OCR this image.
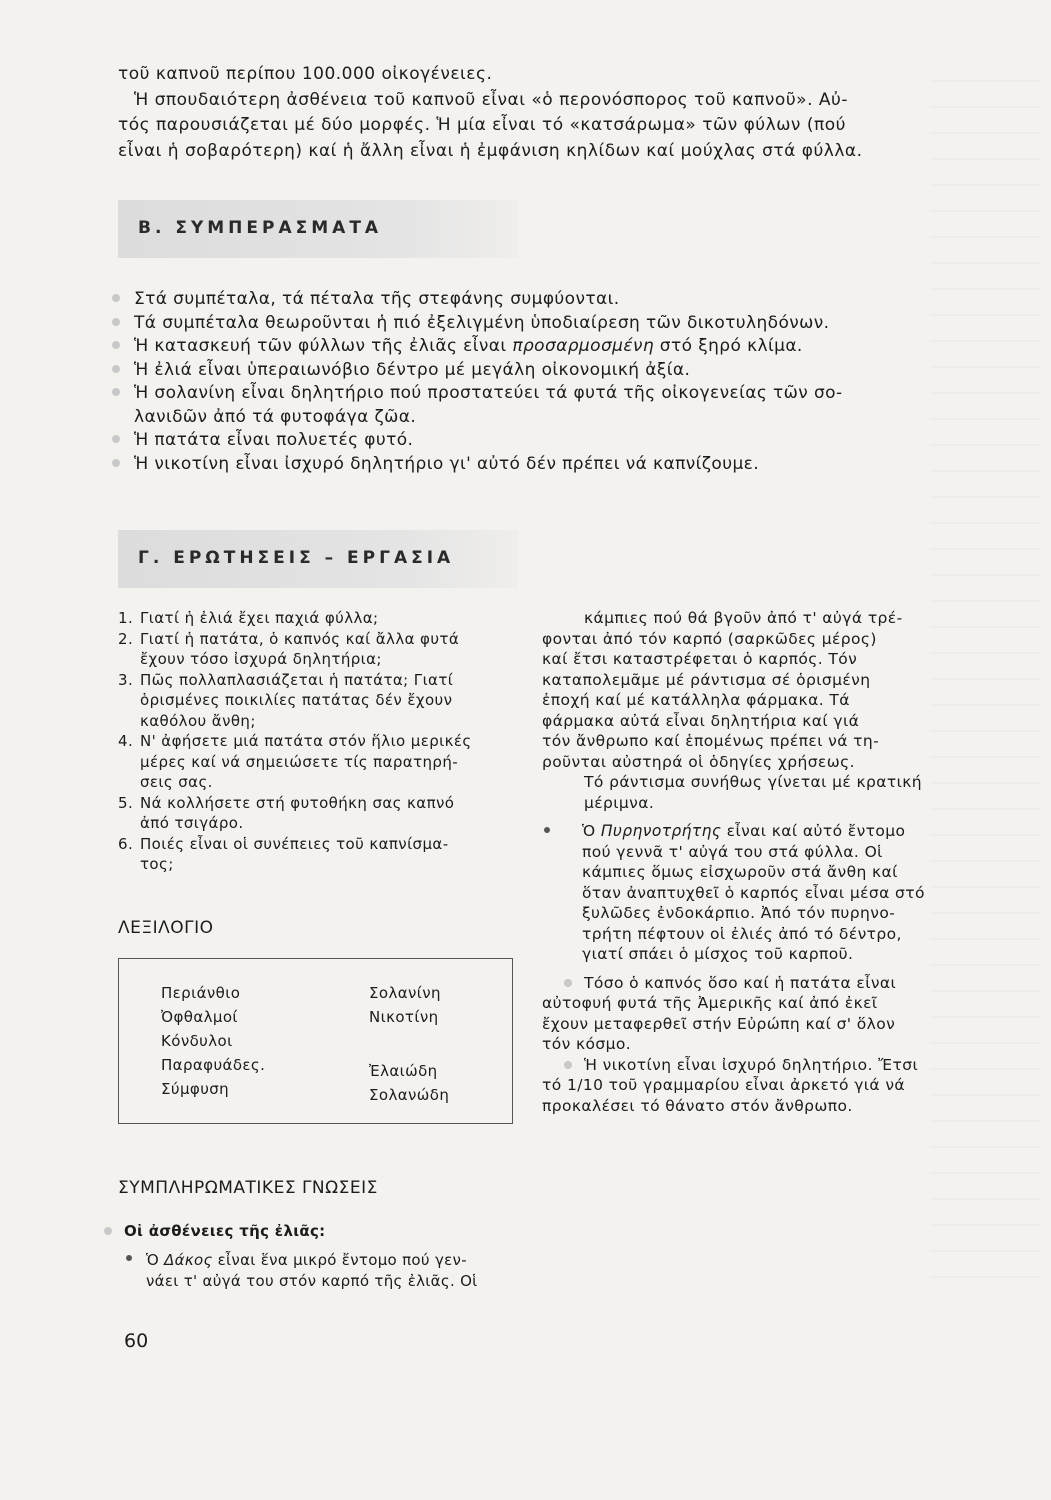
τοῦ καπνοῦ περίπου 100.000 οἰκογένειες.

Ἡ σπουδαιότερη ἀσθένεια τοῦ καπνοῦ εἶναι «ὁ περονόσπορος τοῦ καπνοῦ». Αὐ-

τός παρουσιάζεται μέ δύο μορφές. Ἡ μία εἶναι τό «κατσάρωμα» τῶν φύλων (πού

εἶναι ἡ σοβαρότερη) καί ἡ ἄλλη εἶναι ἡ ἐμφάνιση κηλίδων καί μούχλας στά φύλλα.

Β. ΣΥΜΠΕΡΑΣΜΑΤΑ
Στά συμπέταλα, τά πέταλα τῆς στεφάνης συμφύονται.
Τά συμπέταλα θεωροῦνται ἡ πιό ἐξελιγμένη ὑποδιαίρεση τῶν δικοτυληδόνων.
Ἡ κατασκευή τῶν φύλλων τῆς ἐλιᾶς εἶναι προσαρμοσμένη στό ξηρό κλίμα.
Ἡ ἐλιά εἶναι ὑπεραιωνόβιο δέντρο μέ μεγάλη οἰκονομική ἀξία.
Ἡ σολανίνη εἶναι δηλητήριο πού προστατεύει τά φυτά τῆς οἰκογενείας τῶν σο-
λανιδῶν ἀπό τά φυτοφάγα ζῶα.
Ἡ πατάτα εἶναι πολυετές φυτό.
Ἡ νικοτίνη εἶναι ἰσχυρό δηλητήριο γι' αὐτό δέν πρέπει νά καπνίζουμε.
Γ. ΕΡΩΤΗΣΕΙΣ – ΕΡΓΑΣΙΑ
1. Γιατί ἡ ἐλιά ἔχει παχιά φύλλα;
2. Γιατί ἡ πατάτα, ὁ καπνός καί ἄλλα φυτά
ἔχουν τόσο ἰσχυρά δηλητήρια;
3. Πῶς πολλαπλασιάζεται ἡ πατάτα; Γιατί
ὁρισμένες ποικιλίες πατάτας δέν ἔχουν
καθόλου ἄνθη;
4. Ν' ἀφήσετε μιά πατάτα στόν ἥλιο μερικές
μέρες καί νά σημειώσετε τίς παρατηρή-
σεις σας.
5. Νά κολλήσετε στή φυτοθήκη σας καπνό
ἀπό τσιγάρο.
6. Ποιές εἶναι οἱ συνέπειες τοῦ καπνίσμα-
τος;
ΛΕΞΙΛΟΓΙΟ
Περιάνθιο
Ὀφθαλμοί
Κόνδυλοι
Παραφυάδες.
Σύμφυση
Σολανίνη
Νικοτίνη
Ἐλαιώδη
Σολανώδη
ΣΥΜΠΛΗΡΩΜΑΤΙΚΕΣ ΓΝΩΣΕΙΣ
Οἱ ἀσθένειες τῆς ἐλιᾶς:
Ὁ Δάκος εἶναι ἕνα μικρό ἔντομο πού γεν-
νάει τ' αὐγά του στόν καρπό τῆς ἐλιᾶς. Οἱ
κάμπιες πού θά βγοῦν ἀπό τ' αὐγά τρέ-
φονται ἀπό τόν καρπό (σαρκῶδες μέρος)
καί ἔτσι καταστρέφεται ὁ καρπός. Τόν
καταπολεμᾶμε μέ ράντισμα σέ ὁρισμένη
ἐποχή καί μέ κατάλληλα φάρμακα. Τά
φάρμακα αὐτά εἶναι δηλητήρια καί γιά
τόν ἄνθρωπο καί ἑπομένως πρέπει νά τη-
ροῦνται αὐστηρά οἱ ὁδηγίες χρήσεως.
Τό ράντισμα συνήθως γίνεται μέ κρατική
μέριμνα.
Ὁ Πυρηνοτρήτης εἶναι καί αὐτό ἔντομο
πού γεννᾶ τ' αὐγά του στά φύλλα. Οἱ
κάμπιες ὅμως εἰσχωροῦν στά ἄνθη καί
ὅταν ἀναπτυχθεῖ ὁ καρπός εἶναι μέσα στό
ξυλῶδες ἐνδοκάρπιο. Ἀπό τόν πυρηνο-
τρήτη πέφτουν οἱ ἐλιές ἀπό τό δέντρο,
γιατί σπάει ὁ μίσχος τοῦ καρποῦ.
Τόσο ὁ καπνός ὅσο καί ἡ πατάτα εἶναι
αὐτοφυή φυτά τῆς Ἀμερικῆς καί ἀπό ἐκεῖ
ἔχουν μεταφερθεῖ στήν Εὐρώπη καί σ' ὅλον
τόν κόσμο.
Ἡ νικοτίνη εἶναι ἰσχυρό δηλητήριο. Ἔτσι
τό 1/10 τοῦ γραμμαρίου εἶναι ἀρκετό γιά νά
προκαλέσει τό θάνατο στόν ἄνθρωπο.
60
